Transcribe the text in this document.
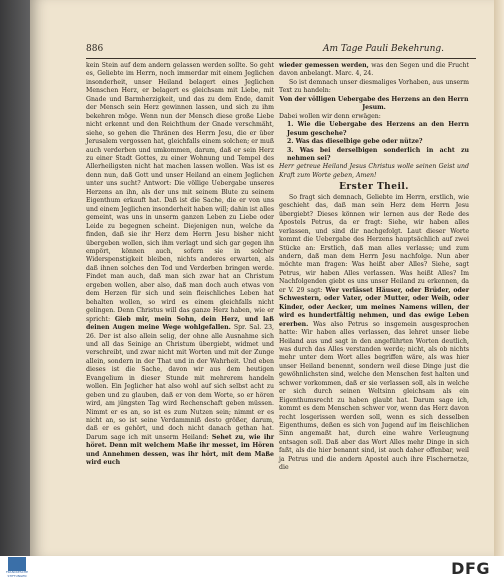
886	Am Tage Pauli Bekehrung.

kein Stein auf dem andern gelassen werden sollte. So geht es, Geliebte im Herrn, noch immerdar mit einem Jeglichen insonderheit, unser Heiland belagert eines Jeglichen Menschen Herz, er belagert es gleichsam mit Liebe, mit Gnade und Barmherzigkeit, und das zu dem Ende, damit der Mensch sein Herz gewinnen lassen, und sich zu ihm bekehren möge. Wenn nun der Mensch diese große Liebe nicht erkennt und den Reichthum der Gnade verschmäht, siehe, so gehen die Thränen des Herrn Jesu, die er über Jerusalem vergossen hat, gleichfalls einem solchen; er muß auch verderben und umkommen, darum, daß er sein Herz zu einer Stadt Gottes, zu einer Wohnung und Tempel des Allerheiligsten nicht hat machen lassen wollen. Was ist es denn nun, daß Gott und unser Heiland an einem Jeglichen unter uns sucht? Antwort: Die völlige Uebergabe unseres Herzens an ihn, als der uns mit seinem Blute zu seinem Eigenthum erkauft hat. Daß ist die Sache, die er von uns und einem Jeglichen insonderheit haben will; dahin ist alles gemeint, was uns in unserm ganzen Leben zu Liebe oder Leide zu begegnen scheint. Diejenigen nun, welche da finden, daß sie ihr Herz dem Herrn Jesu bisher nicht übergeben wollen, sich ihm verlagt und sich gar gegen ihn empört, können auch, sofern sie in solcher Widerspenstigkeit bleiben, nichts anderes erwarten, als daß ihnen solches den Tod und Verderben bringen werde. Findet man auch, daß man sich zwar hat an Christum ergeben wollen, aber also, daß man doch auch etwas von dem Herzen für sich und sein fleischliches Leben hat behalten wollen, so wird es einem gleichfalls nicht gelingen. Denn Christus will das ganze Herz haben, wie er spricht: Gieb mir, mein Sohn, dein Herz, und laß deinen Augen meine Wege wohlgefallen. Spr. Sal. 23, 26. Der ist also allein selig, der ohne alle Ausnahme sich und all das Seinige an Christum übergiebt, widmet und verschreibt, und zwar nicht mit Worten und mit der Zunge allein, sondern in der That und in der Wahrheit. Und eben dieses ist die Sache, davon wir aus dem heutigen Evangelium in dieser Stunde mit mehrerem handeln wollen. Ein Jeglicher hat also wohl auf sich selbst acht zu geben und zu glauben, daß er von dem Worte, so er hören wird, am jüngsten Tag wird Rechenschaft geben müssen. Nimmt er es an, so ist es zum Nutzen sein; nimmt er es nicht an, so ist seine Verdammniß desto größer, darum, daß er es gehört, und doch nicht danach gethan hat. Darum sage ich mit unserm Heiland: Sehet zu, wie ihr höret. Denn mit welchem Maße ihr messet, im Hören und Annehmen dessen, was ihr hört, mit dem Maße wird euch

wieder gemessen werden, was den Segen und die Frucht davon anbelangt. Marc. 4, 24.

So ist demnach unser diesmaliges Vorhaben, aus unserm Text zu handeln:

Von der völligen Uebergabe des Herzens an den Herrn Jesum.

Dabei wollen wir denn erwägen:

1. Wie die Uebergabe des Herzens an den Herrn Jesum geschehe?
2. Was das dieselbige gebe oder nütze?
3. Was bei derselbigen sonderlich in acht zu nehmen sei?

Herr getreue Heiland Jesus Christus wolle seinen Geist und Kraft zum Worte geben, Amen!

Erster Theil.

So fragt sich demnach, Geliebte im Herrn, erstlich, wie geschieht das, daß man sein Herz dem Herrn Jesu übergiebt? Dieses können wir lernen aus der Rede des Apostels Petrus, da er fragt: Siehe, wir haben alles verlassen, und sind dir nachgefolgt. Laut dieser Worte kommt die Uebergabe des Herzens hauptsächlich auf zwei Stücke an: Erstlich, daß man alles verlasse; und zum andern, daß man dem Herrn Jesu nachfolge. Nun aber möchte man fragen: Was heißt aber Alles? Siehe, sagt Petrus, wir haben Alles verlassen. Was heißt Alles? Im Nachfolgenden giebt es uns unser Heiland zu erkennen, da er V. 29 sagt: Wer verlässet Häuser, oder Brüder, oder Schwestern, oder Vater, oder Mutter, oder Weib, oder Kinder, oder Aecker, um meines Namens willen, der wird es hundertfältig nehmen, und das ewige Leben ererben. Was also Petrus so insgemein ausgesprochen hatte: Wir haben alles verlassen, das lehret unser liebe Heiland aus und sagt in den angeführten Worten deutlich, was durch das Alles verstanden werde; nicht, als ob nichts mehr unter dem Wort alles begriffen wäre, als was hier unser Heiland benennt, sondern weil diese Dinge just die gewöhnlichsten sind, welche den Menschen fest halten und schwer vorkommen, daß er sie verlassen soll, als in welche er sich durch seinen Weltsinn gleichsam als ein Eigenthumsrecht zu haben glaubt hat. Darum sage ich, kommt es dem Menschen schwer vor, wenn das Herz davon recht losgerissen werden soll, wenn es sich desselben Eigenthums, deßen es sich von Jugend auf im fleischlichen Sinn angemaßt hat, durch eine wahre Verleugnung entsagen soll. Daß aber das Wort Alles mehr Dinge in sich faßt, als die hier benannt sind, ist auch daher offenbar, weil ja Petrus und die andern Apostel auch ihre Fischernetze, die

FRANCKESCHE STIFTUNGEN	DFG
